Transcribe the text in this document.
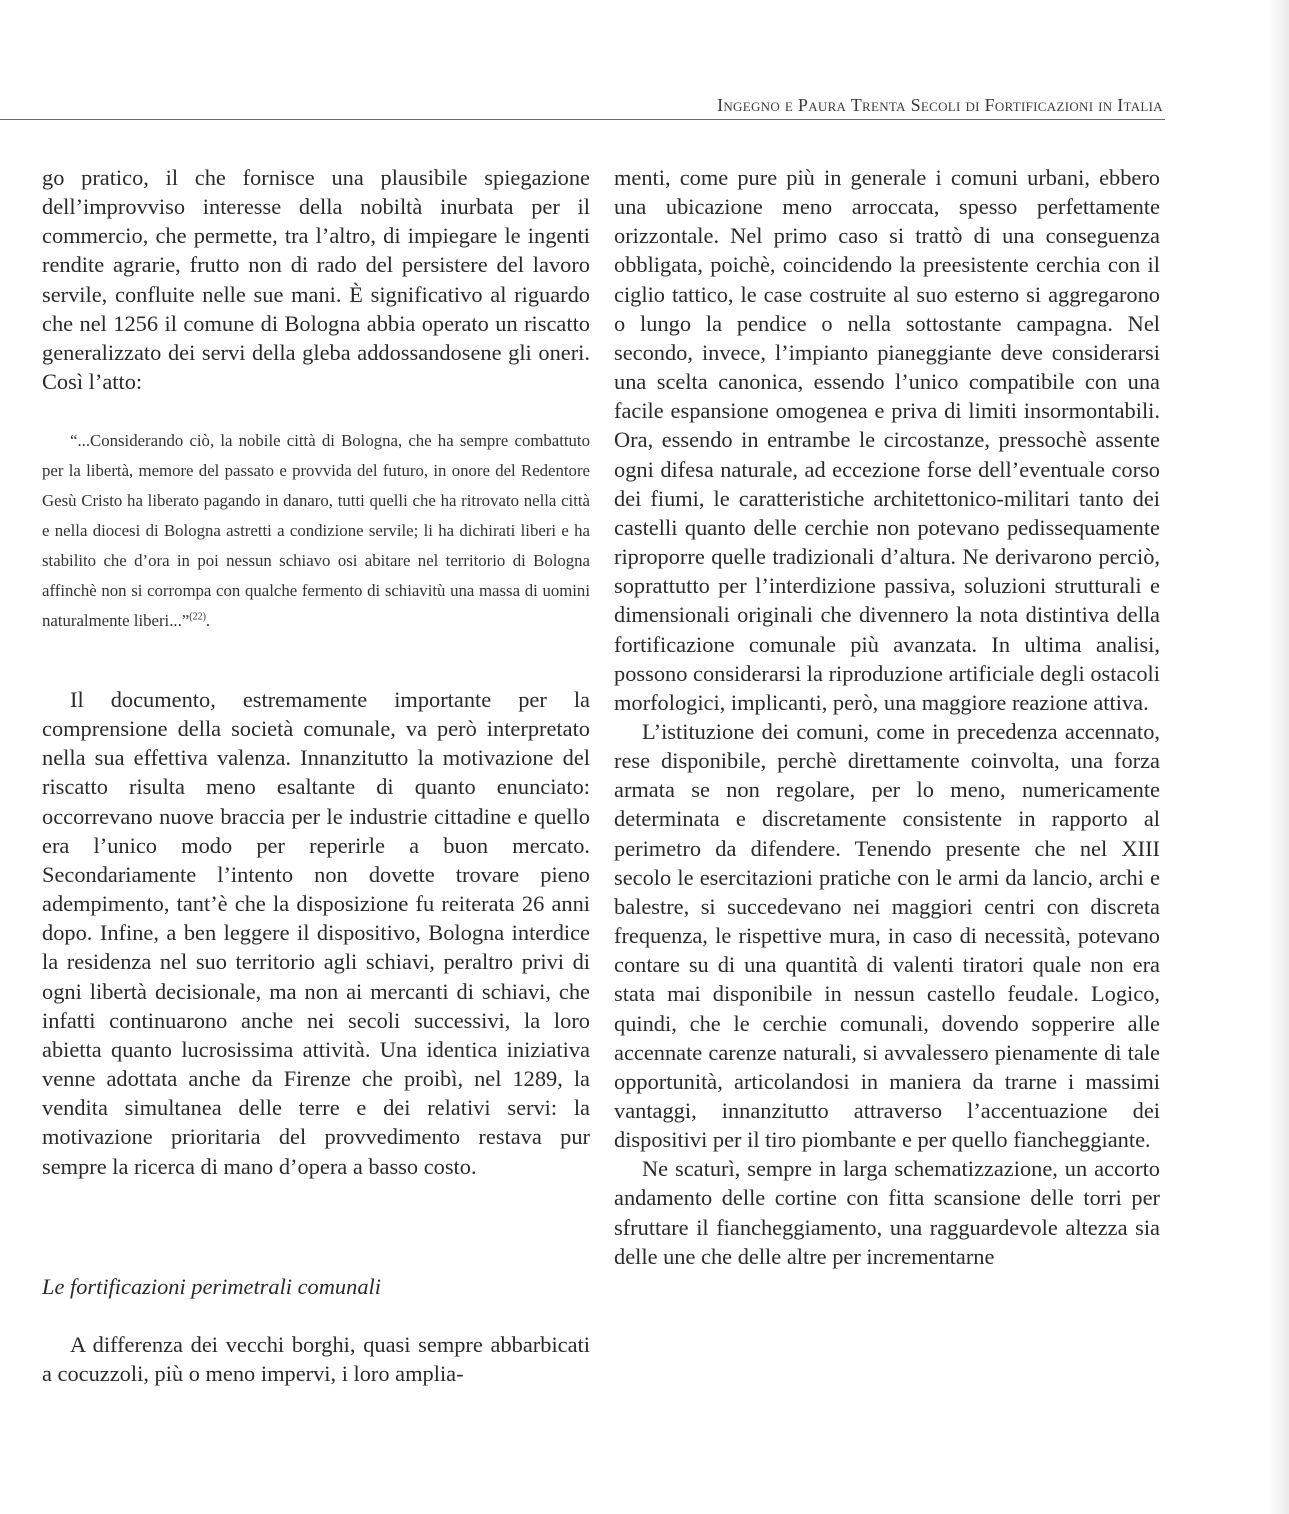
Ingegno e Paura Trenta Secoli di Fortificazioni in Italia

go pratico, il che fornisce una plausibile spiegazione dell’improvviso interesse della nobiltà inurbata per il commercio, che permette, tra l’altro, di impiegare le ingenti rendite agrarie, frutto non di rado del persistere del lavoro servile, confluite nelle sue mani. È significativo al riguardo che nel 1256 il comune di Bologna abbia operato un riscatto generalizzato dei servi della gleba addossandosene gli oneri. Così l’atto:

“...Considerando ciò, la nobile città di Bologna, che ha sempre combattuto per la libertà, memore del passato e provvida del futuro, in onore del Redentore Gesù Cristo ha liberato pagando in danaro, tutti quelli che ha ritrovato nella città e nella diocesi di Bologna astretti a condizione servile; li ha dichirati liberi e ha stabilito che d’ora in poi nessun schiavo osi abitare nel territorio di Bologna affinchè non si corrompa con qualche fermento di schiavitù una massa di uomini naturalmente liberi...”$^{(22)}$.

Il documento, estremamente importante per la comprensione della società comunale, va però interpretato nella sua effettiva valenza. Innanzitutto la motivazione del riscatto risulta meno esaltante di quanto enunciato: occorrevano nuove braccia per le industrie cittadine e quello era l’unico modo per reperirle a buon mercato. Secondariamente l’intento non dovette trovare pieno adempimento, tant’è che la disposizione fu reiterata 26 anni dopo. Infine, a ben leggere il dispositivo, Bologna interdice la residenza nel suo territorio agli schiavi, peraltro privi di ogni libertà decisionale, ma non ai mercanti di schiavi, che infatti continuarono anche nei secoli successivi, la loro abietta quanto lucrosissima attività. Una identica iniziativa venne adottata anche da Firenze che proibì, nel 1289, la vendita simultanea delle terre e dei relativi servi: la motivazione prioritaria del provvedimento restava pur sempre la ricerca di mano d’opera a basso costo.

Le fortificazioni perimetrali comunali

A differenza dei vecchi borghi, quasi sempre abbarbicati a cocuzzoli, più o meno impervi, i loro amplia-

menti, come pure più in generale i comuni urbani, ebbero una ubicazione meno arroccata, spesso perfettamente orizzontale. Nel primo caso si trattò di una conseguenza obbligata, poichè, coincidendo la preesistente cerchia con il ciglio tattico, le case costruite al suo esterno si aggregarono o lungo la pendice o nella sottostante campagna. Nel secondo, invece, l’impianto pianeggiante deve considerarsi una scelta canonica, essendo l’unico compatibile con una facile espansione omogenea e priva di limiti insormontabili. Ora, essendo in entrambe le circostanze, pressochè assente ogni difesa naturale, ad eccezione forse dell’eventuale corso dei fiumi, le caratteristiche architettonico-militari tanto dei castelli quanto delle cerchie non potevano pedissequamente riproporre quelle tradizionali d’altura. Ne derivarono perciò, soprattutto per l’interdizione passiva, soluzioni strutturali e dimensionali originali che divennero la nota distintiva della fortificazione comunale più avanzata. In ultima analisi, possono considerarsi la riproduzione artificiale degli ostacoli morfologici, implicanti, però, una maggiore reazione attiva.

L’istituzione dei comuni, come in precedenza accennato, rese disponibile, perchè direttamente coinvolta, una forza armata se non regolare, per lo meno, numericamente determinata e discretamente consistente in rapporto al perimetro da difendere. Tenendo presente che nel XIII secolo le esercitazioni pratiche con le armi da lancio, archi e balestre, si succedevano nei maggiori centri con discreta frequenza, le rispettive mura, in caso di necessità, potevano contare su di una quantità di valenti tiratori quale non era stata mai disponibile in nessun castello feudale. Logico, quindi, che le cerchie comunali, dovendo sopperire alle accennate carenze naturali, si avvalessero pienamente di tale opportunità, articolandosi in maniera da trarne i massimi vantaggi, innanzitutto attraverso l’accentuazione dei dispositivi per il tiro piombante e per quello fiancheggiante.

Ne scaturì, sempre in larga schematizzazione, un accorto andamento delle cortine con fitta scansione delle torri per sfruttare il fiancheggiamento, una ragguardevole altezza sia delle une che delle altre per incrementarne
